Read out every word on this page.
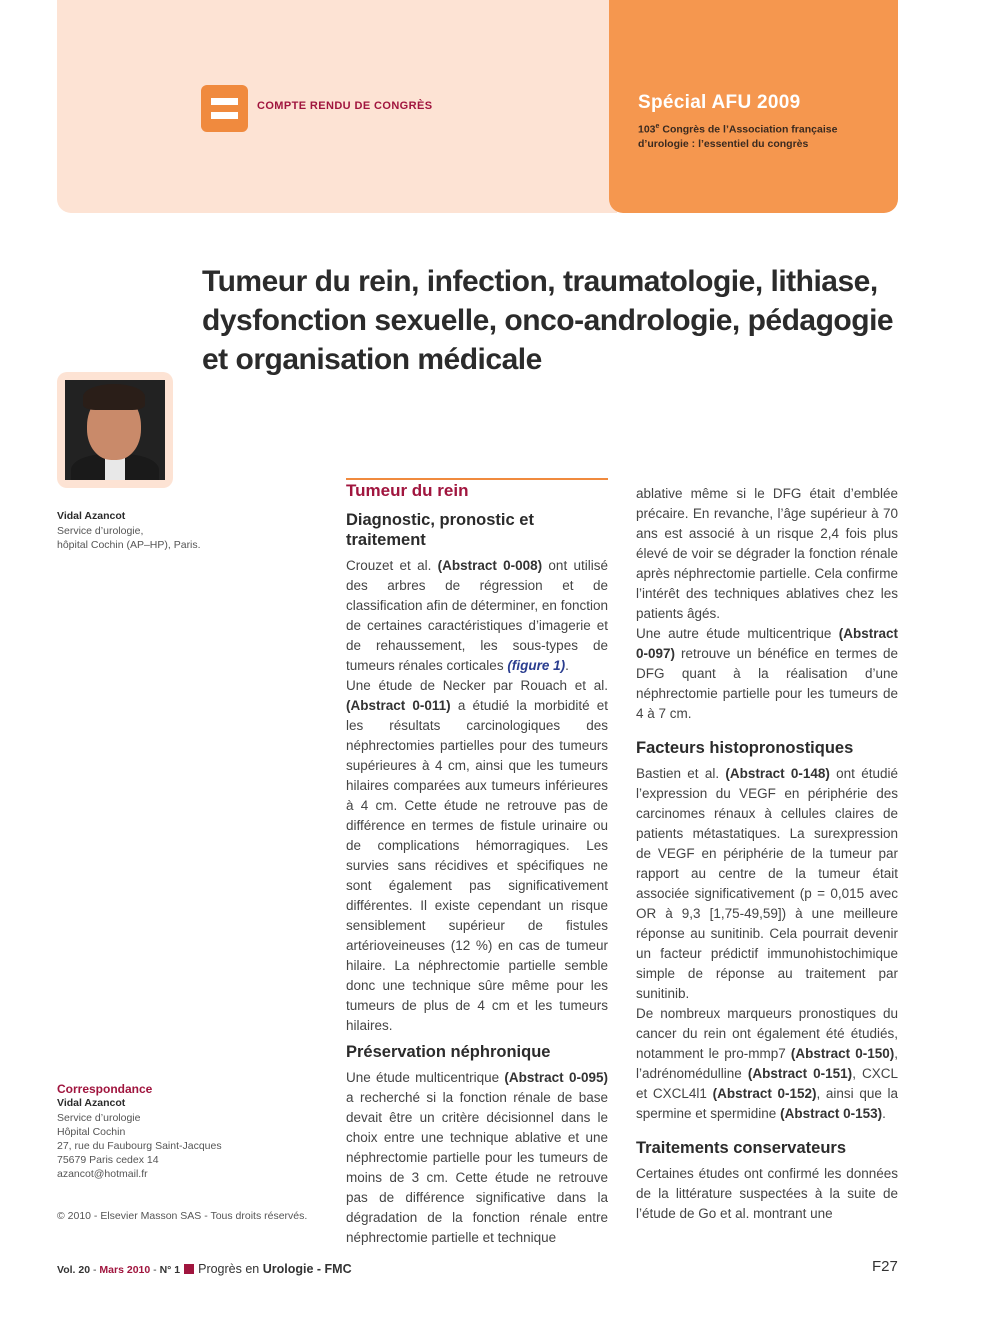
COMPTE RENDU DE CONGRÈS	Spécial AFU 2009
103e Congrès de l’Association française d’urologie : l’essentiel du congrès
Tumeur du rein, infection, traumatologie, lithiase, dysfonction sexuelle, onco-andrologie, pédagogie et organisation médicale
Vidal Azancot
Service d’urologie,
hôpital Cochin (AP–HP), Paris.
Correspondance
Vidal Azancot
Service d’urologie
Hôpital Cochin
27, rue du Faubourg Saint-Jacques
75679 Paris cedex 14
azancot@hotmail.fr
© 2010 - Elsevier Masson SAS - Tous droits réservés.
Tumeur du rein
Diagnostic, pronostic et traitement

Crouzet et al. (Abstract 0-008) ont utilisé des arbres de régression et de classification afin de déterminer, en fonction de certaines caractéristiques d’imagerie et de rehaussement, les sous-types de tumeurs rénales corticales (figure 1).

Une étude de Necker par Rouach et al. (Abstract 0-011) a étudié la morbidité et les résultats carcinologiques des néphrectomies partielles pour des tumeurs supérieures à 4 cm, ainsi que les tumeurs hilaires comparées aux tumeurs inférieures à 4 cm. Cette étude ne retrouve pas de différence en termes de fistule urinaire ou de complications hémorragiques. Les survies sans récidives et spécifiques ne sont également pas significativement différentes. Il existe cependant un risque sensiblement supérieur de fistules artérioveineuses (12 %) en cas de tumeur hilaire. La néphrectomie partielle semble donc une technique sûre même pour les tumeurs de plus de 4 cm et les tumeurs hilaires.

Préservation néphronique

Une étude multicentrique (Abstract 0-095) a recherché si la fonction rénale de base devait être un critère décisionnel dans le choix entre une technique ablative et une néphrectomie partielle pour les tumeurs de moins de 3 cm. Cette étude ne retrouve pas de différence significative dans la dégradation de la fonction rénale entre néphrectomie partielle et technique

ablative même si le DFG était d’emblée précaire. En revanche, l’âge supérieur à 70 ans est associé à un risque 2,4 fois plus élevé de voir se dégrader la fonction rénale après néphrectomie partielle. Cela confirme l’intérêt des techniques ablatives chez les patients âgés.

Une autre étude multicentrique (Abstract 0-097) retrouve un bénéfice en termes de DFG quant à la réalisation d’une néphrectomie partielle pour les tumeurs de 4 à 7 cm.

Facteurs histopronostiques

Bastien et al. (Abstract 0-148) ont étudié l’expression du VEGF en périphérie des carcinomes rénaux à cellules claires de patients métastatiques. La surexpression de VEGF en périphérie de la tumeur par rapport au centre de la tumeur était associée significativement (p = 0,015 avec OR à 9,3 [1,75-49,59]) à une meilleure réponse au sunitinib. Cela pourrait devenir un facteur prédictif immunohistochimique simple de réponse au traitement par sunitinib.

De nombreux marqueurs pronostiques du cancer du rein ont également été étudiés, notamment le pro-mmp7 (Abstract 0-150), l’adrénomédulline (Abstract 0-151), CXCL et CXCL4l1 (Abstract 0-152), ainsi que la spermine et spermidine (Abstract 0-153).

Traitements conservateurs

Certaines études ont confirmé les données de la littérature suspectées à la suite de l’étude de Go et al. montrant une

Vol. 20 - Mars 2010 - N° 1 Progrès en Urologie - FMC	F27
